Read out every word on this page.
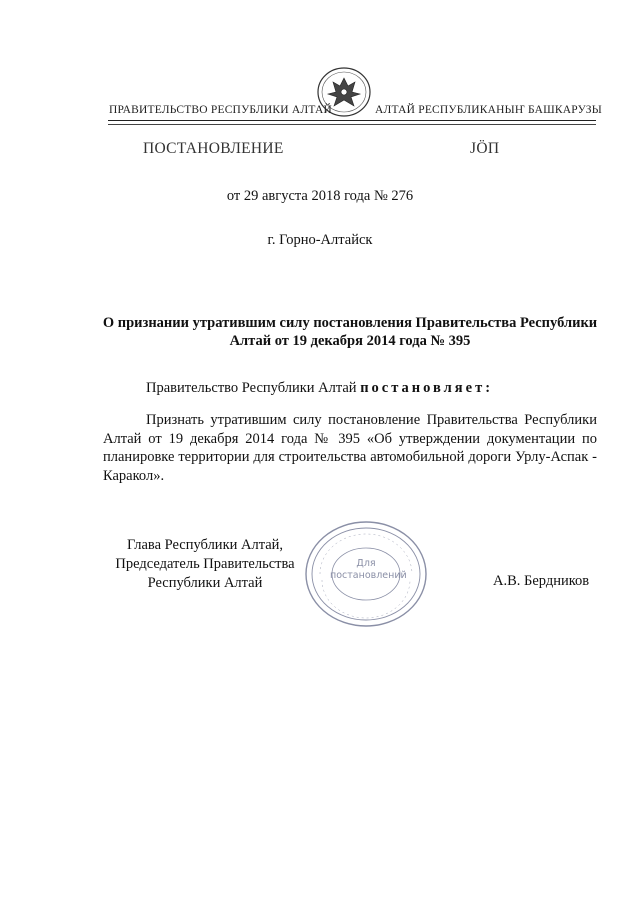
ПРАВИТЕЛЬСТВО РЕСПУБЛИКИ АЛТАЙ	АЛТАЙ РЕСПУБЛИКАНЫҤ БАШКАРУЗЫ
ПОСТАНОВЛЕНИЕ	JÖП
от 29 августа 2018 года № 276
г. Горно-Алтайск
О признании утратившим силу постановления Правительства Республики Алтай от 19 декабря 2014 года № 395
Правительство Республики Алтай постановляет:
Признать утратившим силу постановление Правительства Республики Алтай от 19 декабря 2014 года № 395 «Об утверждении документации по планировке территории для строительства автомобильной дороги Урлу-Аспак - Каракол».
Для
постановлений
Глава Республики Алтай,
Председатель Правительства
Республики Алтай	А.В. Бердников
